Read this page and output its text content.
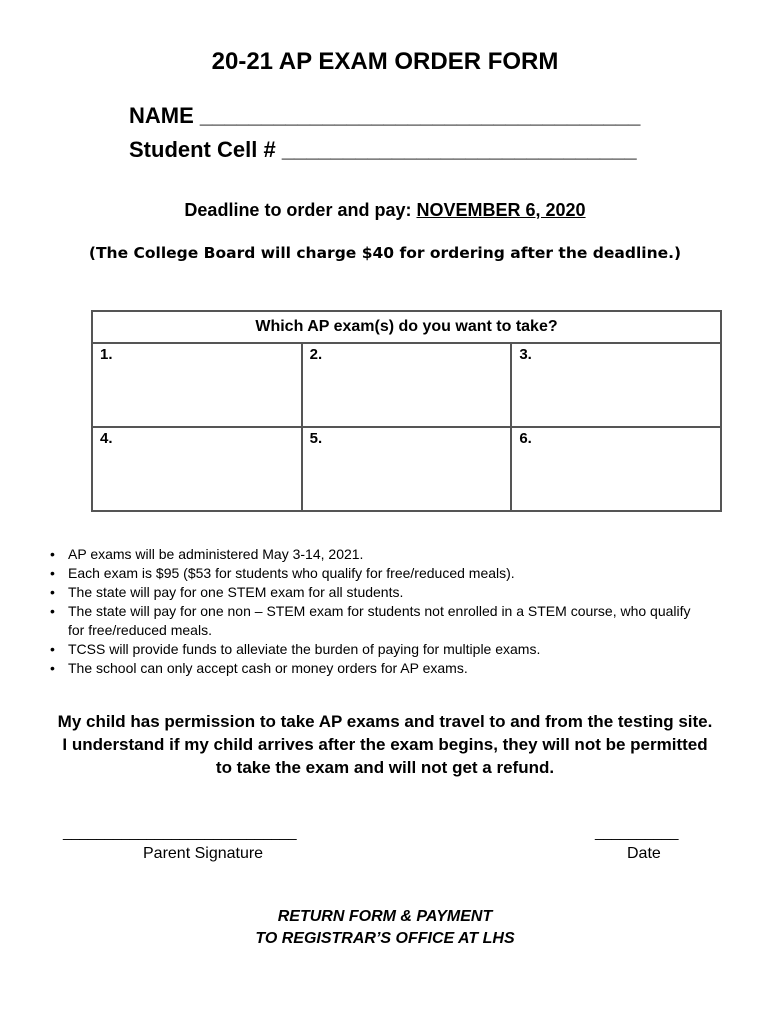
20-21 AP EXAM ORDER FORM
NAME ____________________________________
Student Cell # _____________________________
Deadline to order and pay: NOVEMBER 6, 2020
(The College Board will charge $40 for ordering after the deadline.)
Which AP exam(s) do you want to take?		
1.	2.	3.
4.	5.	6.
• AP exams will be administered May 3-14, 2021.
• Each exam is $95 ($53 for students who qualify for free/reduced meals).
• The state will pay for one STEM exam for all students.
• The state will pay for one non – STEM exam for students not enrolled in a STEM course, who qualify for free/reduced meals.
• TCSS will provide funds to alleviate the burden of paying for multiple exams.
• The school can only accept cash or money orders for AP exams.
My child has permission to take AP exams and travel to and from the testing site.
I understand if my child arrives after the exam begins, they will not be permitted
to take the exam and will not get a refund.
____________________________
Parent Signature
__________
Date
RETURN FORM & PAYMENT
TO REGISTRAR’S OFFICE AT LHS
